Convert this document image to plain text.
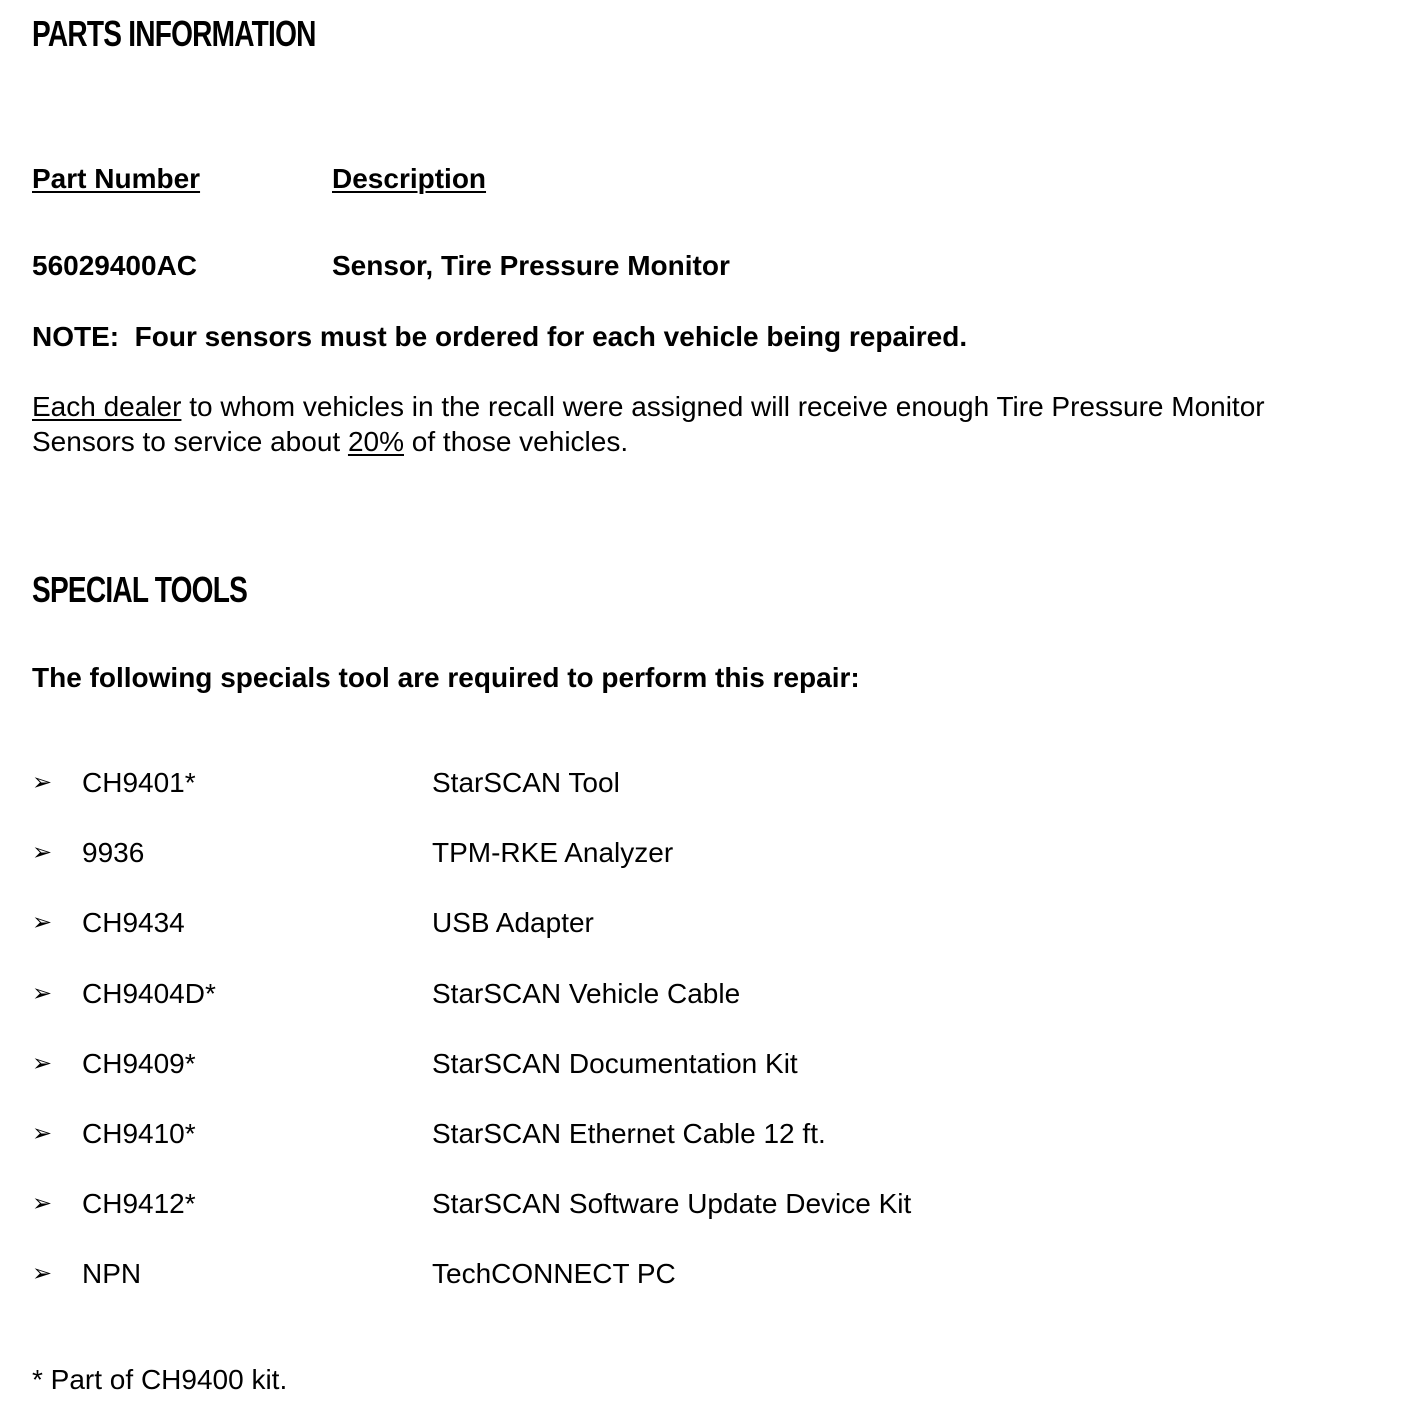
PARTS INFORMATION
Part Number	Description
56029400AC	Sensor, Tire Pressure Monitor
NOTE:  Four sensors must be ordered for each vehicle being repaired.
Each dealer to whom vehicles in the recall were assigned will receive enough Tire Pressure Monitor
Sensors to service about 20% of those vehicles.
SPECIAL TOOLS
The following specials tool are required to perform this repair:
➢ CH9401*	StarSCAN Tool
➢ 9936	TPM-RKE Analyzer
➢ CH9434	USB Adapter
➢ CH9404D*	StarSCAN Vehicle Cable
➢ CH9409*	StarSCAN Documentation Kit
➢ CH9410*	StarSCAN Ethernet Cable 12 ft.
➢ CH9412*	StarSCAN Software Update Device Kit
➢ NPN	TechCONNECT PC
* Part of CH9400 kit.
